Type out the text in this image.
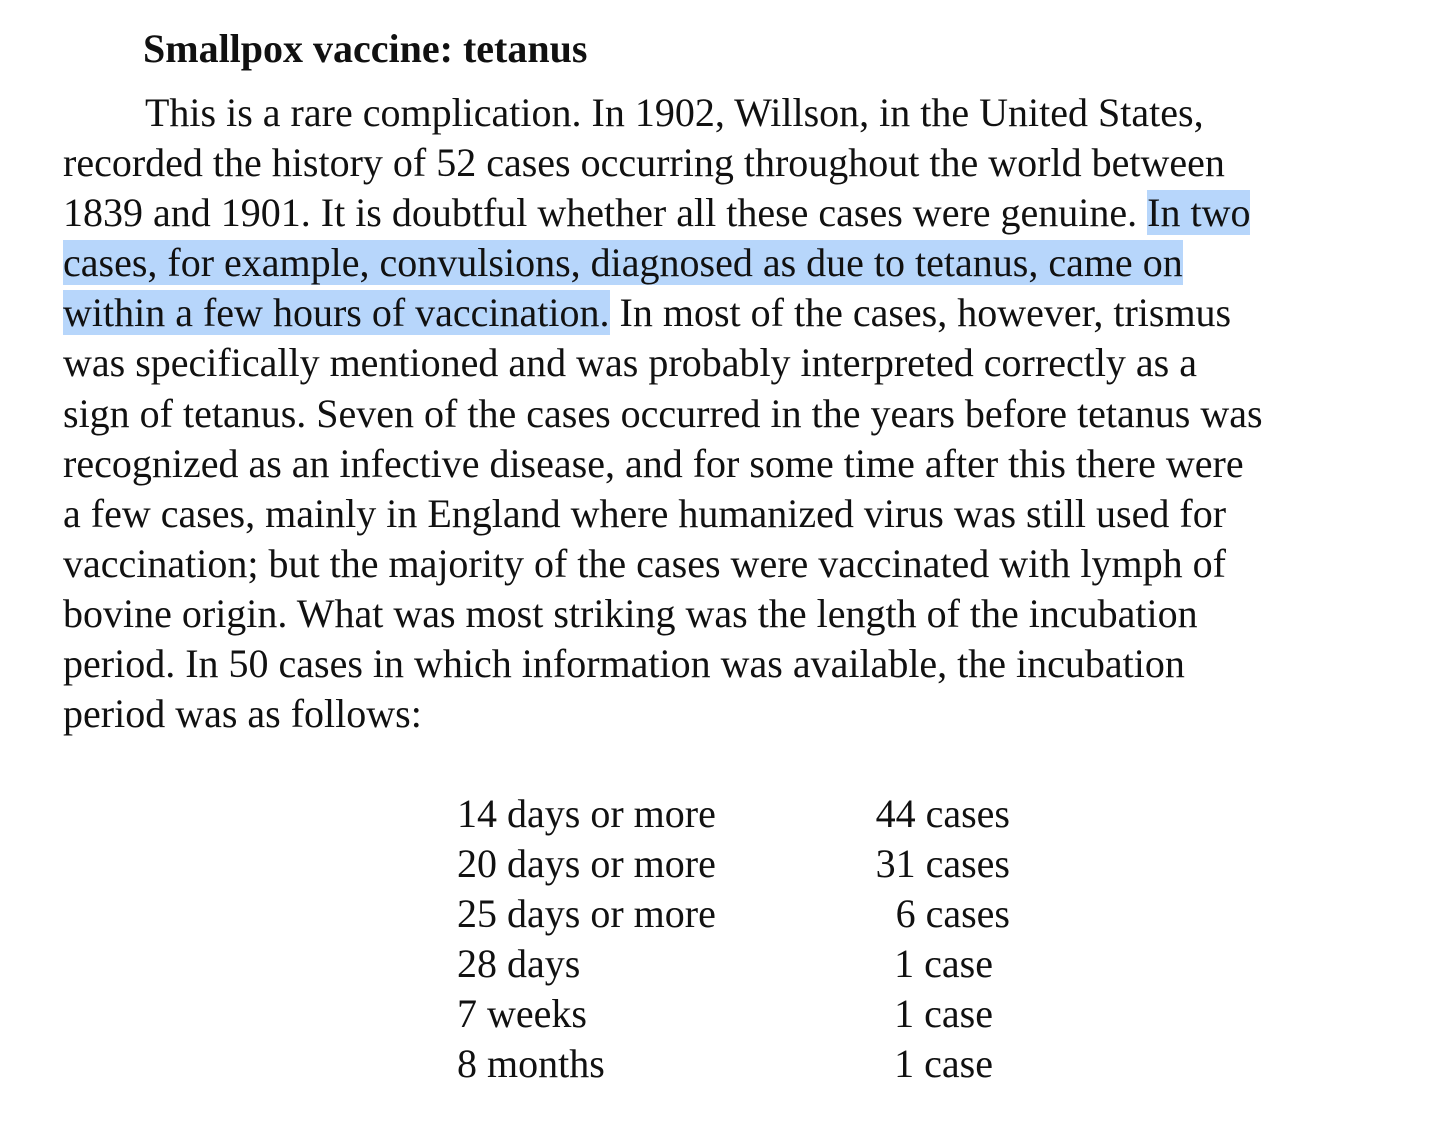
Smallpox vaccine: tetanus
This is a rare complication. In 1902, Willson, in the United States,
recorded the history of 52 cases occurring throughout the world between
1839 and 1901. It is doubtful whether all these cases were genuine. In two
cases, for example, convulsions, diagnosed as due to tetanus, came on
within a few hours of vaccination. In most of the cases, however, trismus
was specifically mentioned and was probably interpreted correctly as a
sign of tetanus. Seven of the cases occurred in the years before tetanus was
recognized as an infective disease, and for some time after this there were
a few cases, mainly in England where humanized virus was still used for
vaccination; but the majority of the cases were vaccinated with lymph of
bovine origin. What was most striking was the length of the incubation
period. In 50 cases in which information was available, the incubation
period was as follows:
14 days or more	44 cases
20 days or more	31 cases
25 days or more	6 cases
28 days	1 case
7 weeks	1 case
8 months	1 case
